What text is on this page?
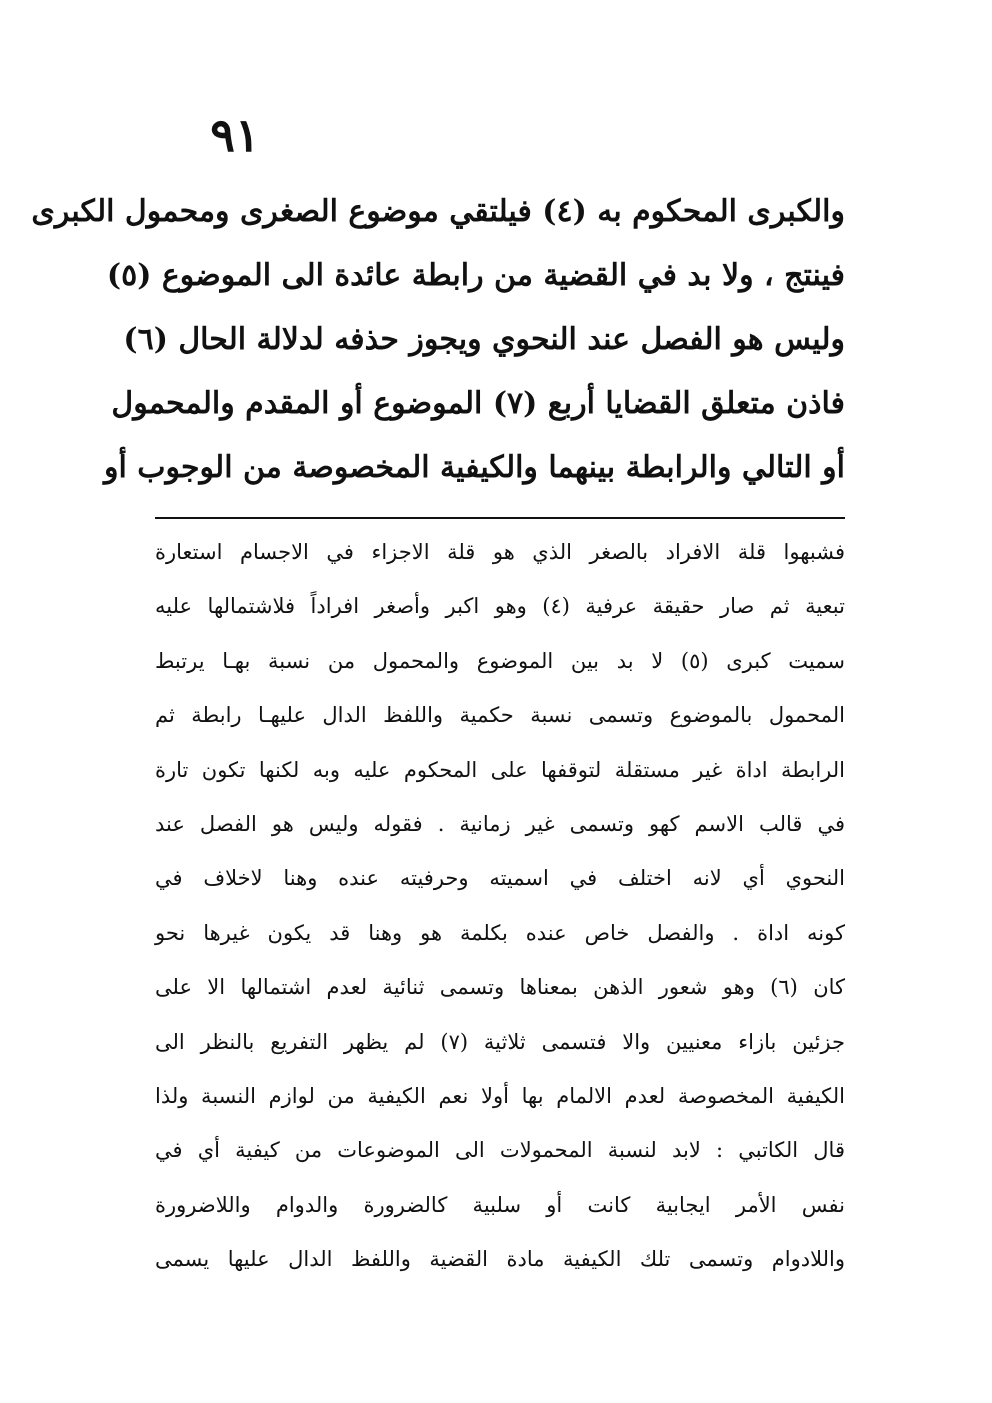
٩١
والكبرى المحكوم به (٤) فيلتقي موضوع الصغرى ومحمول الكبرى
فينتج ، ولا بد في القضية من رابطة عائدة الى الموضوع (٥)
وليس هو الفصل عند النحوي ويجوز حذفه لدلالة الحال (٦)
فاذن متعلق القضايا أربع (٧) الموضوع أو المقدم والمحمول
أو التالي والرابطة بينهما والكيفية المخصوصة من الوجوب أو
فشبهوا قلة الافراد بالصغر الذي هو قلة الاجزاء في الاجسام استعارة
تبعية ثم صار حقيقة عرفية (٤) وهو اكبر وأصغر افراداً فلاشتمالها عليه
سميت كبرى (٥) لا بد بين الموضوع والمحمول من نسبة بهـا يرتبط
المحمول بالموضوع وتسمى نسبة حكمية واللفظ الدال عليهـا رابطة ثم
الرابطة اداة غير مستقلة لتوقفها على المحكوم عليه وبه لكنها تكون تارة
في قالب الاسم كهو وتسمى غير زمانية . فقوله وليس هو الفصل عند
النحوي أي لانه اختلف في اسميته وحرفيته عنده وهنا لاخلاف في
كونه اداة . والفصل خاص عنده بكلمة هو وهنا قد يكون غيرها نحو
كان (٦) وهو شعور الذهن بمعناها وتسمى ثنائية لعدم اشتمالها الا على
جزئين بازاء معنيين والا فتسمى ثلاثية (٧) لم يظهر التفريع بالنظر الى
الكيفية المخصوصة لعدم الالمام بها أولا نعم الكيفية من لوازم النسبة ولذا
قال الكاتبي : لابد لنسبة المحمولات الى الموضوعات من كيفية أي في
نفس الأمر ايجابية كانت أو سلبية كالضرورة والدوام واللاضرورة
واللادوام وتسمى تلك الكيفية مادة القضية واللفظ الدال عليها يسمى
